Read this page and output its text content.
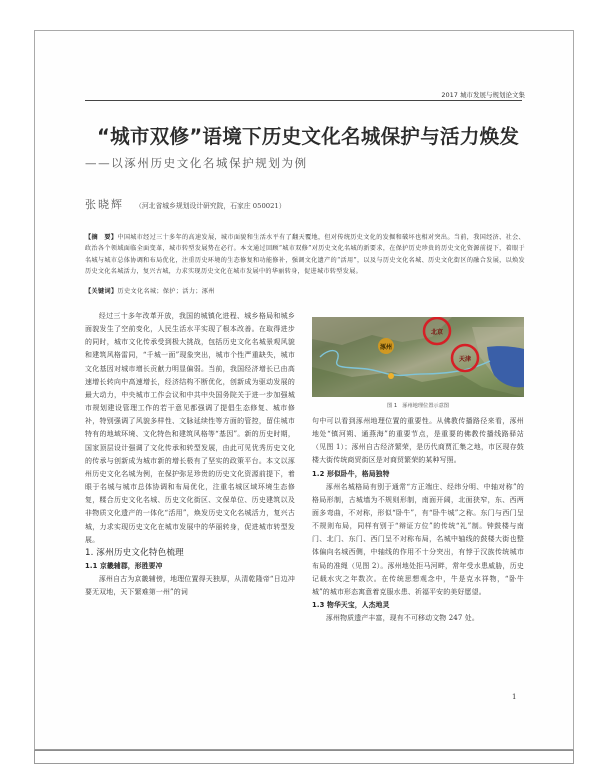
2017 城市发展与规划论文集
“城市双修”语境下历史文化名城保护与活力焕发
——以涿州历史文化名城保护规划为例
张晓辉 （河北省城乡规划设计研究院，石家庄 050021）
【摘　要】中国城市经过三十多年的高速发展，城市面貌和生活水平有了翻天覆地，但对传统历史文化的发掘和破坏也相对突出。当前，我国经济、社会、政治各个领域面临全面变革，城市转型发展势在必行。本文通过回顾“城市双修”对历史文化名城的新要求，在保护历史珍贵的历史文化资源前提下，着眼于名城与城市总体协调和布局优化，注重历史环境的生态修复和功能修补，强调文化遗产的“活用”，以及与历史文化名城、历史文化街区的融合发展，以焕发历史文化名城活力，复兴古城，力求实现历史文化在城市发展中的华丽转身，促进城市转型发展。
【关键词】历史文化名城；保护；活力；涿州

经过三十多年改革开放，我国的城镇化进程、城乡格局和城乡面貌发生了空前变化，人民生活水平实现了根本改善。在取得进步的同时，城市文化传承受到极大挑战，包括历史文化名城景观风貌和建筑风格雷同，“千城一面”现象突出，城市个性严重缺失，城市文化基因对城市增长贡献力明显偏弱。当前，我国经济增长已由高速增长转向中高速增长，经济结构不断优化，创新成为驱动发展的最大动力，中央城市工作会议和中共中央国务院关于进一步加强城市规划建设管理工作的若干意见都强调了提倡生态修复、城市修补，特别强调了风貌多样性、文脉延续性等方面的管控，留住城市特有的地域环境、文化特色和建筑风格等“基因”。新的历史时期，国家顶层设计强调了文化传承和转型发展，由此可见优秀历史文化的传承与创新成为城市新的增长极有了坚实的政策平台。本文以涿州历史文化名城为例，在保护弥足珍贵的历史文化资源前提下，着眼于名城与城市总体协调和布局优化，注重名城区域环境生态修复，糅合历史文化名城、历史文化街区、文保单位、历史建筑以及非物质文化遗产的一体化“活用”，焕发历史文化名城活力，复兴古城，力求实现历史文化在城市发展中的华丽转身，促进城市转型发展。

1. 涿州历史文化特色梳理

1.1 京畿辅郡，形胜要冲

涿州自古为京畿辅傍，地理位置得天独厚，从清乾隆帝“日边冲要无双地，天下繁难第一州”的词

北京
天津
涿州
图 1　涿州地理位置示意图

句中可以看到涿州地理位置的重要性。从佛教传播路径来看，涿州地处“镇河朔、通燕海”的重要节点，是重要的佛教传播线路驿站（见图 1）；涿州自古经济繁荣，是历代商贾汇集之地，市区现存鼓楼大街传统商贸街区是对商贸繁荣的某种写照。

1.2 形似卧牛，格局独特

涿州名城格局有别于通常“方正端庄、经纬分明、中轴对称”的格局形制，古城墙为不规则形制，南面开阔，北面狭窄，东、西两面多弯曲，不对称，形似“卧牛”，有“卧牛城”之称。东门与西门呈不规则布局，同样有别于“辩证方位”的传统“礼”制。钟鼓楼与南门、北门、东门、西门呈不对称布局，名城中轴线的鼓楼大街也整体偏向名城西侧，中轴线的作用不十分突出，有悖于汉族传统城市布局的准绳（见图 2）。涿州地处拒马河畔，常年受水患威胁，历史记载水灾之年数次。在传统思想观念中，牛是克水祥物，“卧牛城”的城市形态寓意着克服水患、祈福平安的美好愿望。

1.3 物华天宝，人杰地灵

涿州物质遗产丰富，现有不可移动文物 247 处。

1
